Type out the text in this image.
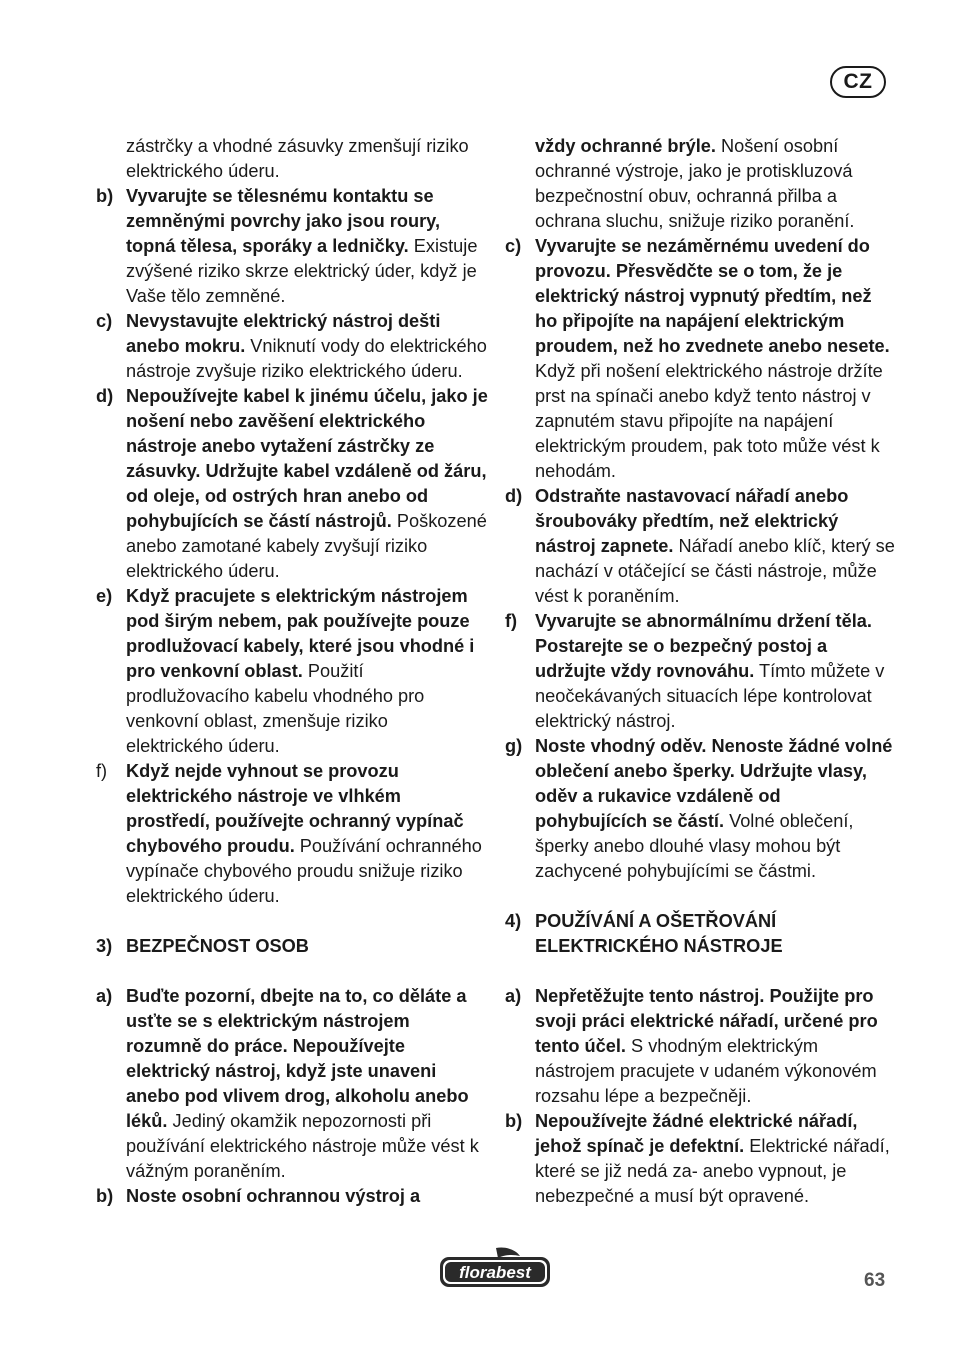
CZ
zástrčky a vhodné zásuvky zmenšují riziko elektrického úderu.
b) Vyvarujte se tělesnému kontaktu se zemněnými povrchy jako jsou roury, topná tělesa, sporáky a ledničky. Existuje zvýšené riziko skrze elektrický úder, když je Vaše tělo zemněné.
c) Nevystavujte elektrický nástroj dešti anebo mokru. Vniknutí vody do elektrického nástroje zvyšuje riziko elektrického úderu.
d) Nepoužívejte kabel k jinému účelu, jako je nošení nebo zavěšení elektrického nástroje anebo vytažení zástrčky ze zásuvky. Udržujte kabel vzdáleně od žáru, od oleje, od ostrých hran anebo od pohybujících se částí nástrojů. Poškozené anebo zamotané kabely zvyšují riziko elektrického úderu.
e) Když pracujete s elektrickým nástrojem pod širým nebem, pak používejte pouze prodlužovací kabely, které jsou vhodné i pro venkovní oblast. Použití prodlužovacího kabelu vhodného pro venkovní oblast, zmenšuje riziko elektrického úderu.
f) Když nejde vyhnout se provozu elektrického nástroje ve vlhkém prostředí, používejte ochranný vypínač chybového proudu. Používání ochranného vypínače chybového proudu snižuje riziko elektrického úderu.
3) BEZPEČNOST OSOB
a) Buďte pozorní, dbejte na to, co děláte a usťte se s elektrickým nástrojem rozumně do práce. Nepoužívejte elektrický nástroj, když jste unaveni anebo pod vlivem drog, alkoholu anebo léků. Jediný okamžik nepozornosti při používání elektrického nástroje může vést k vážným poraněním.
b) Noste osobní ochrannou výstroj a
vždy ochranné brýle. Nošení osobní ochranné výstroje, jako je protiskluzová bezpečnostní obuv, ochranná přilba a ochrana sluchu, snižuje riziko poranění.
c) Vyvarujte se nezáměrnému uvedení do provozu. Přesvědčte se o tom, že je elektrický nástroj vypnutý předtím, než ho připojíte na napájení elektrickým proudem, než ho zvednete anebo nesete. Když při nošení elektrického nástroje držíte prst na spínači anebo když tento nástroj v zapnutém stavu připojíte na napájení elektrickým proudem, pak toto může vést k nehodám.
d) Odstraňte nastavovací nářadí anebo šroubováky předtím, než elektrický nástroj zapnete. Nářadí anebo klíč, který se nachází v otáčející se části nástroje, může vést k poraněním.
f) Vyvarujte se abnormálnímu držení těla. Postarejte se o bezpečný postoj a udržujte vždy rovnováhu. Tímto můžete v neočekávaných situacích lépe kontrolovat elektrický nástroj.
g) Noste vhodný oděv. Nenoste žádné volné oblečení anebo šperky. Udržujte vlasy, oděv a rukavice vzdáleně od pohybujících se částí. Volné oblečení, šperky anebo dlouhé vlasy mohou být zachycené pohybujícími se částmi.
4) POUŽÍVÁNÍ A OŠETŘOVÁNÍ ELEKTRICKÉHO NÁSTROJE
a) Nepřetěžujte tento nástroj. Použijte pro svoji práci elektrické nářadí, určené pro tento účel. S vhodným elektrickým nástrojem pracujete v udaném výkonovém rozsahu lépe a bezpečněji.
b) Nepoužívejte žádné elektrické nářadí, jehož spínač je defektní. Elektrické nářadí, které se již nedá za- anebo vypnout, je nebezpečné a musí být opravené.
florabest	63
